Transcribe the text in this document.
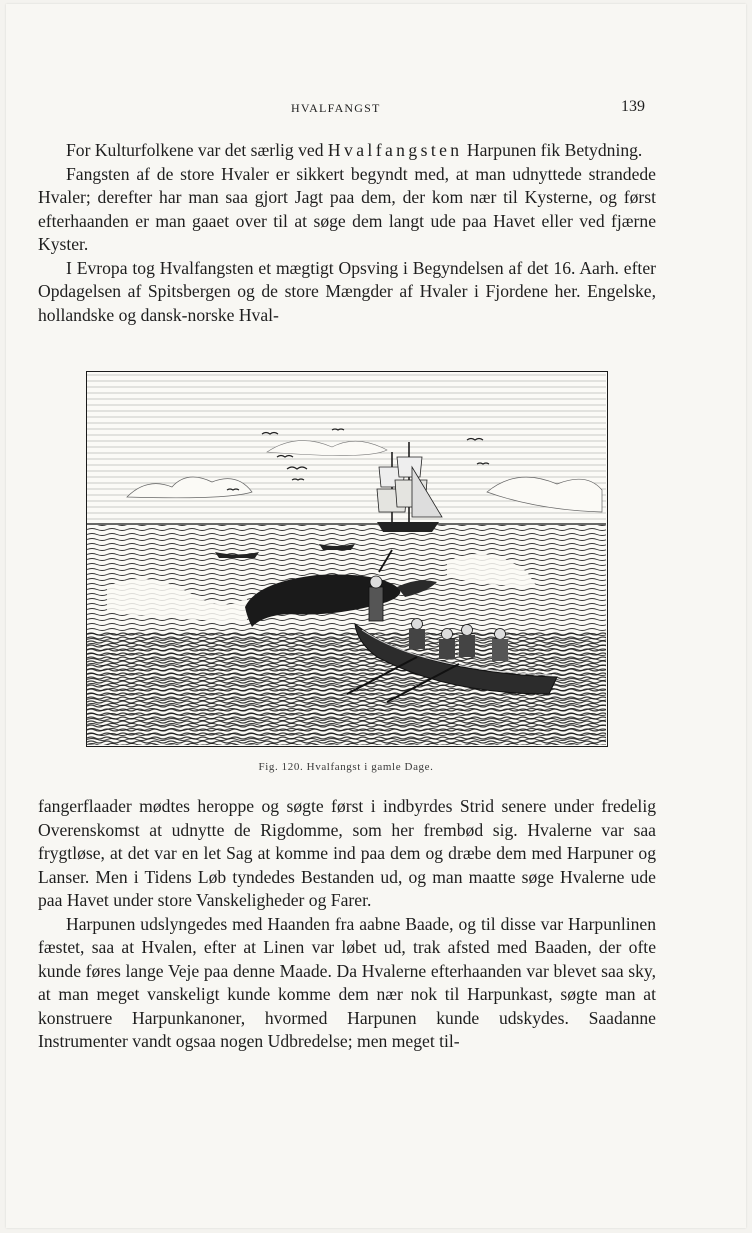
HVALFANGST	139

For Kulturfolkene var det særlig ved Hvalfangsten Harpunen fik Betydning.

Fangsten af de store Hvaler er sikkert begyndt med, at man udnyttede strandede Hvaler; derefter har man saa gjort Jagt paa dem, der kom nær til Kysterne, og først efterhaanden er man gaaet over til at søge dem langt ude paa Havet eller ved fjærne Kyster.

I Evropa tog Hvalfangsten et mægtigt Opsving i Begyndelsen af det 16. Aarh. efter Opdagelsen af Spitsbergen og de store Mængder af Hvaler i Fjordene her. Engelske, hollandske og dansk-norske Hval-

Fig. 120. Hvalfangst i gamle Dage.

fangerflaader mødtes heroppe og søgte først i indbyrdes Strid senere under fredelig Overenskomst at udnytte de Rigdomme, som her frembød sig. Hvalerne var saa frygtløse, at det var en let Sag at komme ind paa dem og dræbe dem med Harpuner og Lanser. Men i Tidens Løb tyndedes Bestanden ud, og man maatte søge Hvalerne ude paa Havet under store Vanskeligheder og Farer.

Harpunen udslyngedes med Haanden fra aabne Baade, og til disse var Harpunlinen fæstet, saa at Hvalen, efter at Linen var løbet ud, trak afsted med Baaden, der ofte kunde føres lange Veje paa denne Maade. Da Hvalerne efterhaanden var blevet saa sky, at man meget vanskeligt kunde komme dem nær nok til Harpunkast, søgte man at konstruere Harpunkanoner, hvormed Harpunen kunde udskydes. Saadanne Instrumenter vandt ogsaa nogen Udbredelse; men meget til-
